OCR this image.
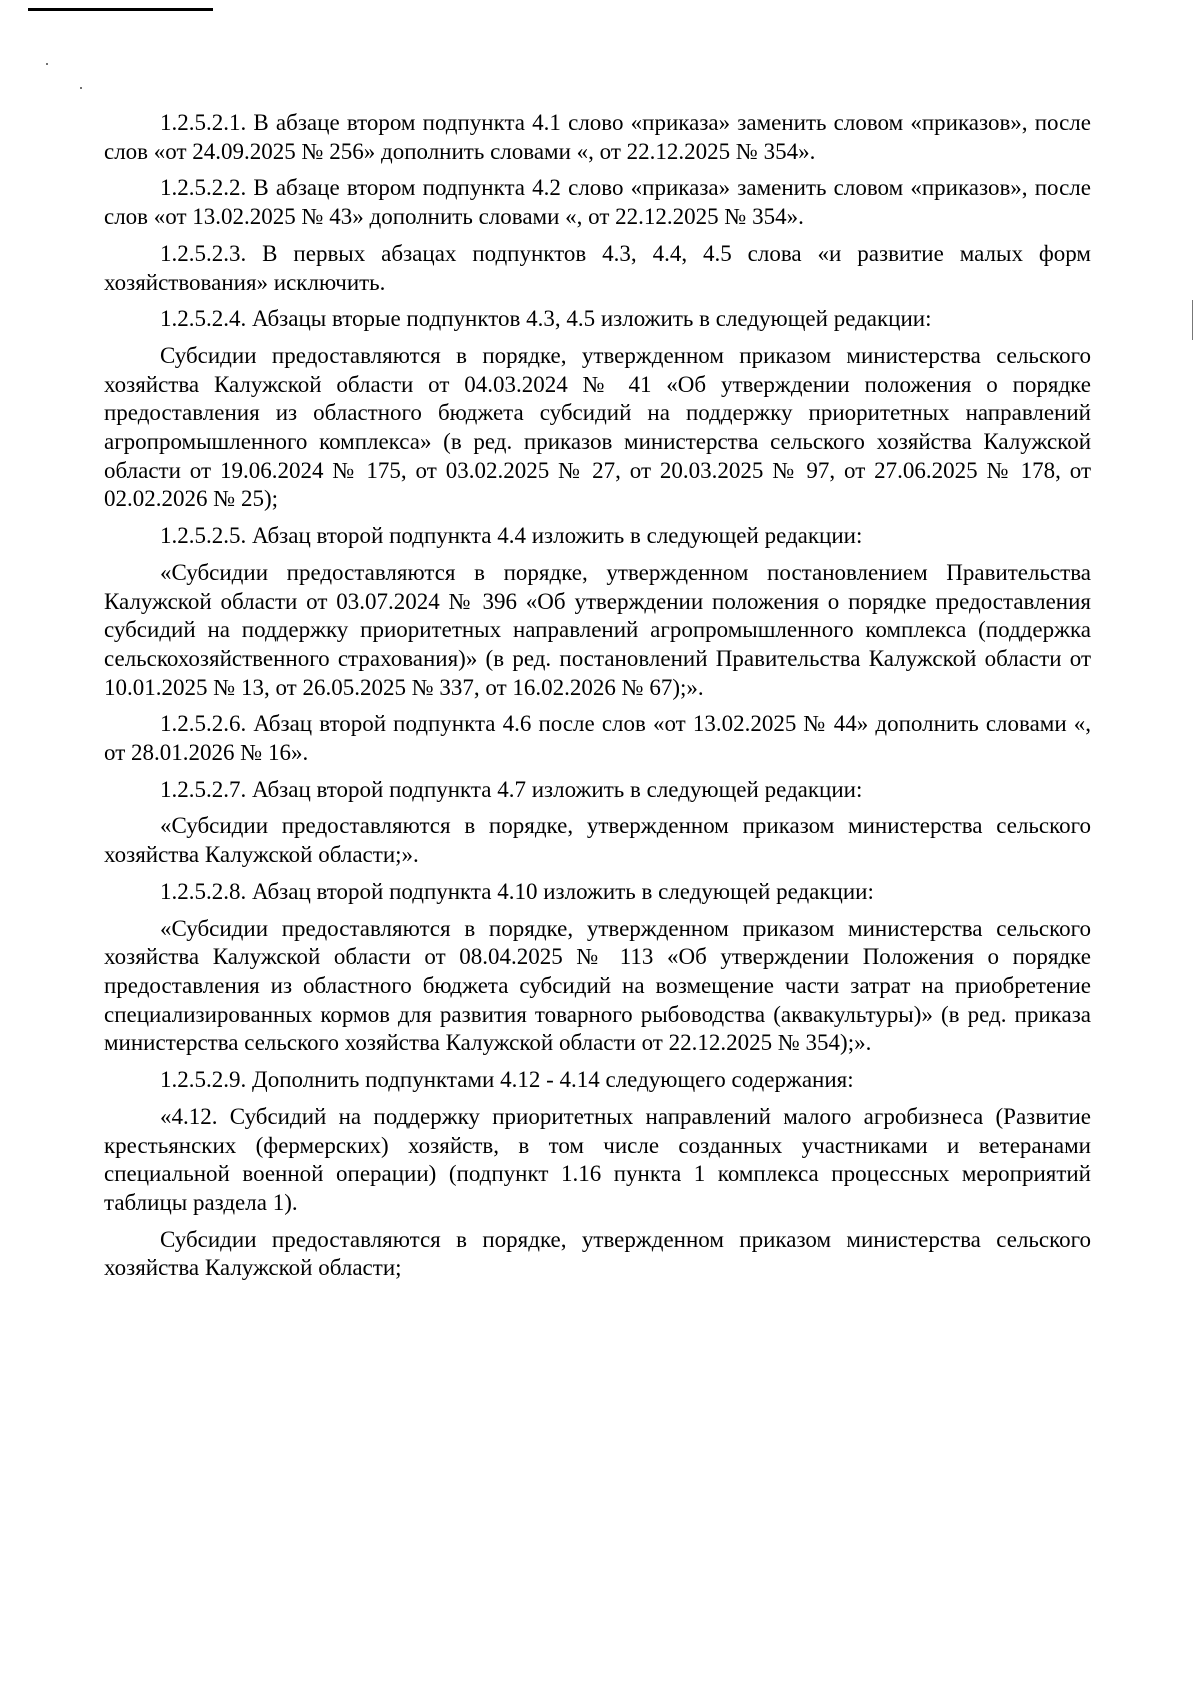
1.2.5.2.1. В абзаце втором подпункта 4.1 слово «приказа» заменить словом «приказов», после слов «от 24.09.2025 № 256» дополнить словами «, от 22.12.2025 № 354».

1.2.5.2.2. В абзаце втором подпункта 4.2 слово «приказа» заменить словом «приказов», после слов «от 13.02.2025 № 43» дополнить словами «, от 22.12.2025 № 354».

1.2.5.2.3. В первых абзацах подпунктов 4.3, 4.4, 4.5 слова «и развитие малых форм хозяйствования» исключить.

1.2.5.2.4. Абзацы вторые подпунктов 4.3, 4.5 изложить в следующей редакции:

Субсидии предоставляются в порядке, утвержденном приказом министерства сельского хозяйства Калужской области от 04.03.2024 № 41 «Об утверждении положения о порядке предоставления из областного бюджета субсидий на поддержку приоритетных направлений агропромышленного комплекса» (в ред. приказов министерства сельского хозяйства Калужской области от 19.06.2024 № 175, от 03.02.2025 № 27, от 20.03.2025 № 97, от 27.06.2025 № 178, от 02.02.2026 № 25);

1.2.5.2.5. Абзац второй подпункта 4.4 изложить в следующей редакции:

«Субсидии предоставляются в порядке, утвержденном постановлением Правительства Калужской области от 03.07.2024 № 396 «Об утверждении положения о порядке предоставления субсидий на поддержку приоритетных направлений агропромышленного комплекса (поддержка сельскохозяйственного страхования)» (в ред. постановлений Правительства Калужской области от 10.01.2025 № 13, от 26.05.2025 № 337, от 16.02.2026 № 67);».

1.2.5.2.6. Абзац второй подпункта 4.6 после слов «от 13.02.2025 № 44» дополнить словами «, от 28.01.2026 № 16».

1.2.5.2.7. Абзац второй подпункта 4.7 изложить в следующей редакции:

«Субсидии предоставляются в порядке, утвержденном приказом министерства сельского хозяйства Калужской области;».

1.2.5.2.8. Абзац второй подпункта 4.10 изложить в следующей редакции:

«Субсидии предоставляются в порядке, утвержденном приказом министерства сельского хозяйства Калужской области от 08.04.2025 № 113 «Об утверждении Положения о порядке предоставления из областного бюджета субсидий на возмещение части затрат на приобретение специализированных кормов для развития товарного рыбоводства (аквакультуры)» (в ред. приказа министерства сельского хозяйства Калужской области от 22.12.2025 № 354);».

1.2.5.2.9. Дополнить подпунктами 4.12 - 4.14 следующего содержания:

«4.12. Субсидий на поддержку приоритетных направлений малого агробизнеса (Развитие крестьянских (фермерских) хозяйств, в том числе созданных участниками и ветеранами специальной военной операции) (подпункт 1.16 пункта 1 комплекса процессных мероприятий таблицы раздела 1).

Субсидии предоставляются в порядке, утвержденном приказом министерства сельского хозяйства Калужской области;
